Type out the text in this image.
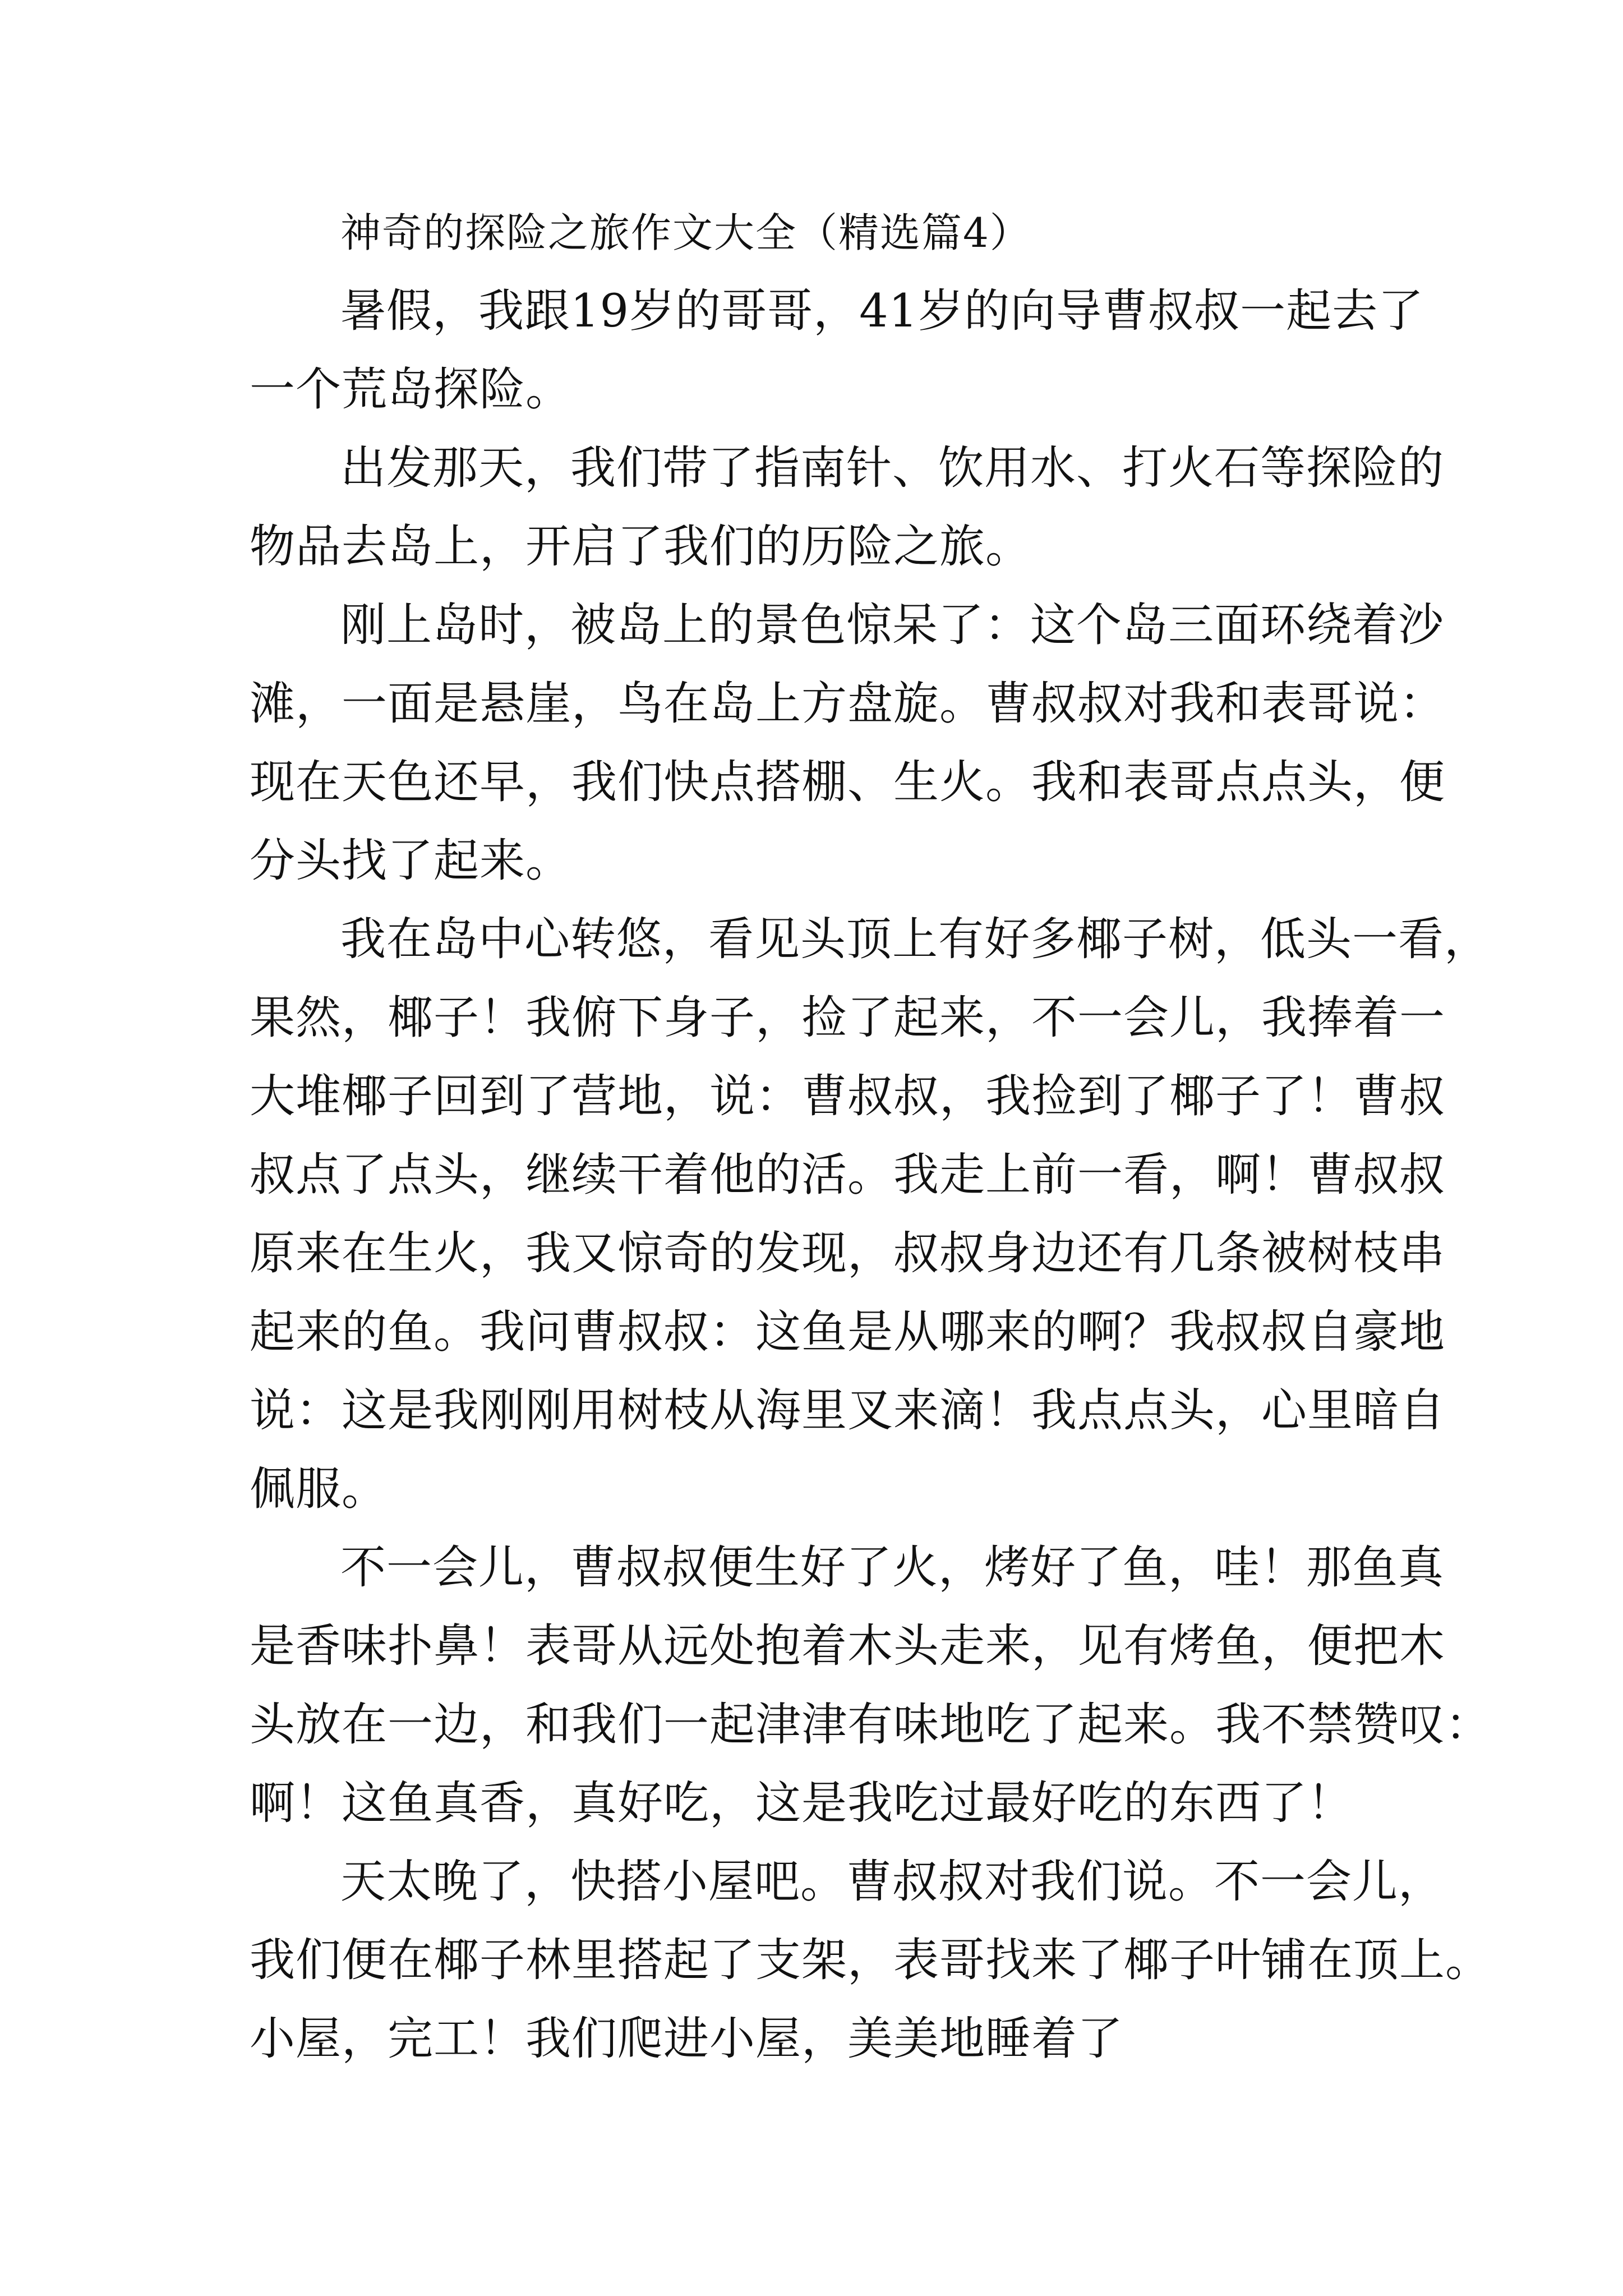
神奇的探险之旅作文大全（精选篇4）

暑假，我跟19岁的哥哥，41岁的向导曹叔叔一起去了
一个荒岛探险。

出发那天，我们带了指南针、饮用水、打火石等探险的
物品去岛上，开启了我们的历险之旅。

刚上岛时，被岛上的景色惊呆了：这个岛三面环绕着沙
滩，一面是悬崖，鸟在岛上方盘旋。曹叔叔对我和表哥说：
现在天色还早，我们快点搭棚、生火。我和表哥点点头，便
分头找了起来。

我在岛中心转悠，看见头顶上有好多椰子树，低头一看，
果然，椰子！我俯下身子，捡了起来，不一会儿，我捧着一
大堆椰子回到了营地，说：曹叔叔，我捡到了椰子了！曹叔
叔点了点头，继续干着他的活。我走上前一看，啊！曹叔叔
原来在生火，我又惊奇的发现，叔叔身边还有几条被树枝串
起来的鱼。我问曹叔叔：这鱼是从哪来的啊？我叔叔自豪地
说：这是我刚刚用树枝从海里叉来滴！我点点头，心里暗自
佩服。

不一会儿，曹叔叔便生好了火，烤好了鱼，哇！那鱼真
是香味扑鼻！表哥从远处抱着木头走来，见有烤鱼，便把木
头放在一边，和我们一起津津有味地吃了起来。我不禁赞叹：
啊！这鱼真香，真好吃，这是我吃过最好吃的东西了！

天太晚了，快搭小屋吧。曹叔叔对我们说。不一会儿，
我们便在椰子林里搭起了支架，表哥找来了椰子叶铺在顶上。
小屋，完工！我们爬进小屋，美美地睡着了
